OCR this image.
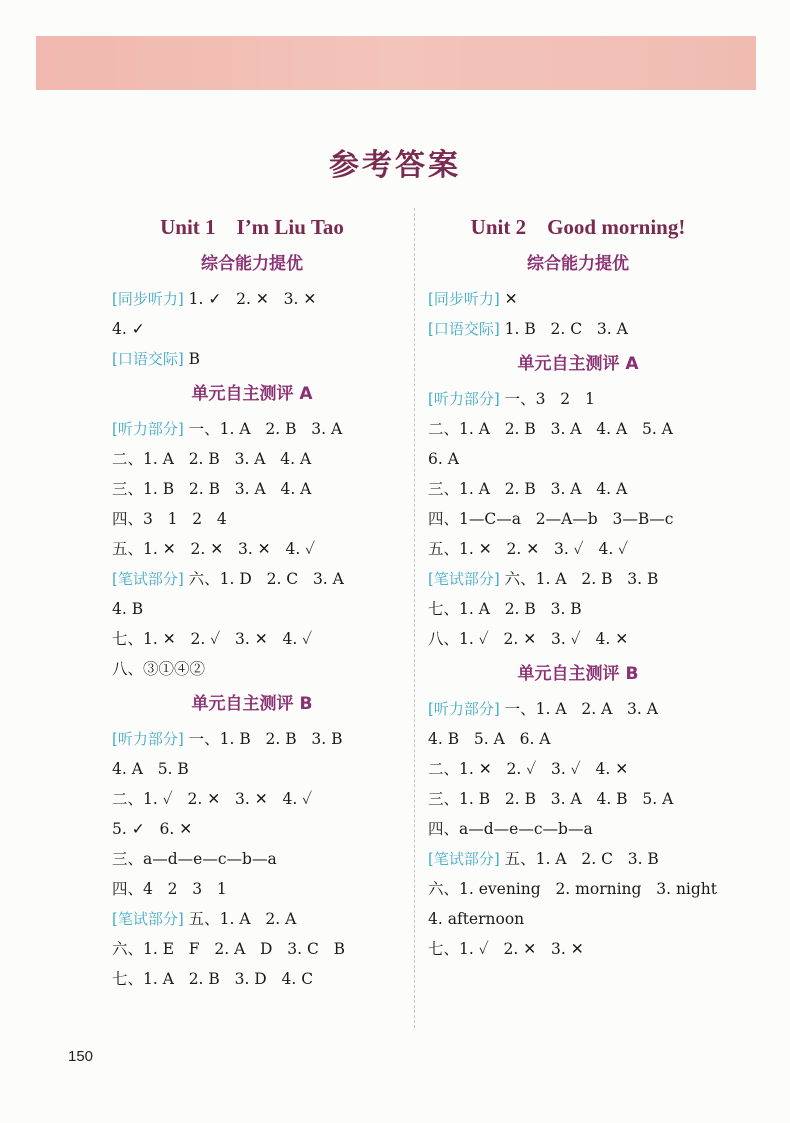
参考答案
Unit 1    I’m Liu Tao
综合能力提优
[同步听力] 1. ✓   2. ✕   3. ✕
4. ✓
[口语交际] B
单元自主测评 A
[听力部分] 一、1. A   2. B   3. A
二、1. A   2. B   3. A   4. A
三、1. B   2. B   3. A   4. A
四、3   1   2   4
五、1. ✕   2. ✕   3. ✕   4. ✓
[笔试部分] 六、1. D   2. C   3. A
4. B
七、1. ✕   2. ✓   3. ✕   4. ✓
八、③①④②
单元自主测评 B
[听力部分] 一、1. B   2. B   3. B
4. A   5. B
二、1. ✓   2. ✕   3. ✕   4. ✓
5. ✓   6. ✕
三、a—d—e—c—b—a
四、4   2   3   1
[笔试部分] 五、1. A   2. A
六、1. E   F   2. A   D   3. C   B
七、1. A   2. B   3. D   4. C
Unit 2    Good morning!
综合能力提优
[同步听力] ✕
[口语交际] 1. B   2. C   3. A
单元自主测评 A
[听力部分] 一、3   2   1
二、1. A   2. B   3. A   4. A   5. A
6. A
三、1. A   2. B   3. A   4. A
四、1—C—a   2—A—b   3—B—c
五、1. ✕   2. ✕   3. ✓   4. ✓
[笔试部分] 六、1. A   2. B   3. B
七、1. A   2. B   3. B
八、1. ✓   2. ✕   3. ✓   4. ✕
单元自主测评 B
[听力部分] 一、1. A   2. A   3. A
4. B   5. A   6. A
二、1. ✕   2. ✓   3. ✓   4. ✕
三、1. B   2. B   3. A   4. B   5. A
四、a—d—e—c—b—a
[笔试部分] 五、1. A   2. C   3. B
六、1. evening   2. morning   3. night
4. afternoon
七、1. ✓   2. ✕   3. ✕
150
